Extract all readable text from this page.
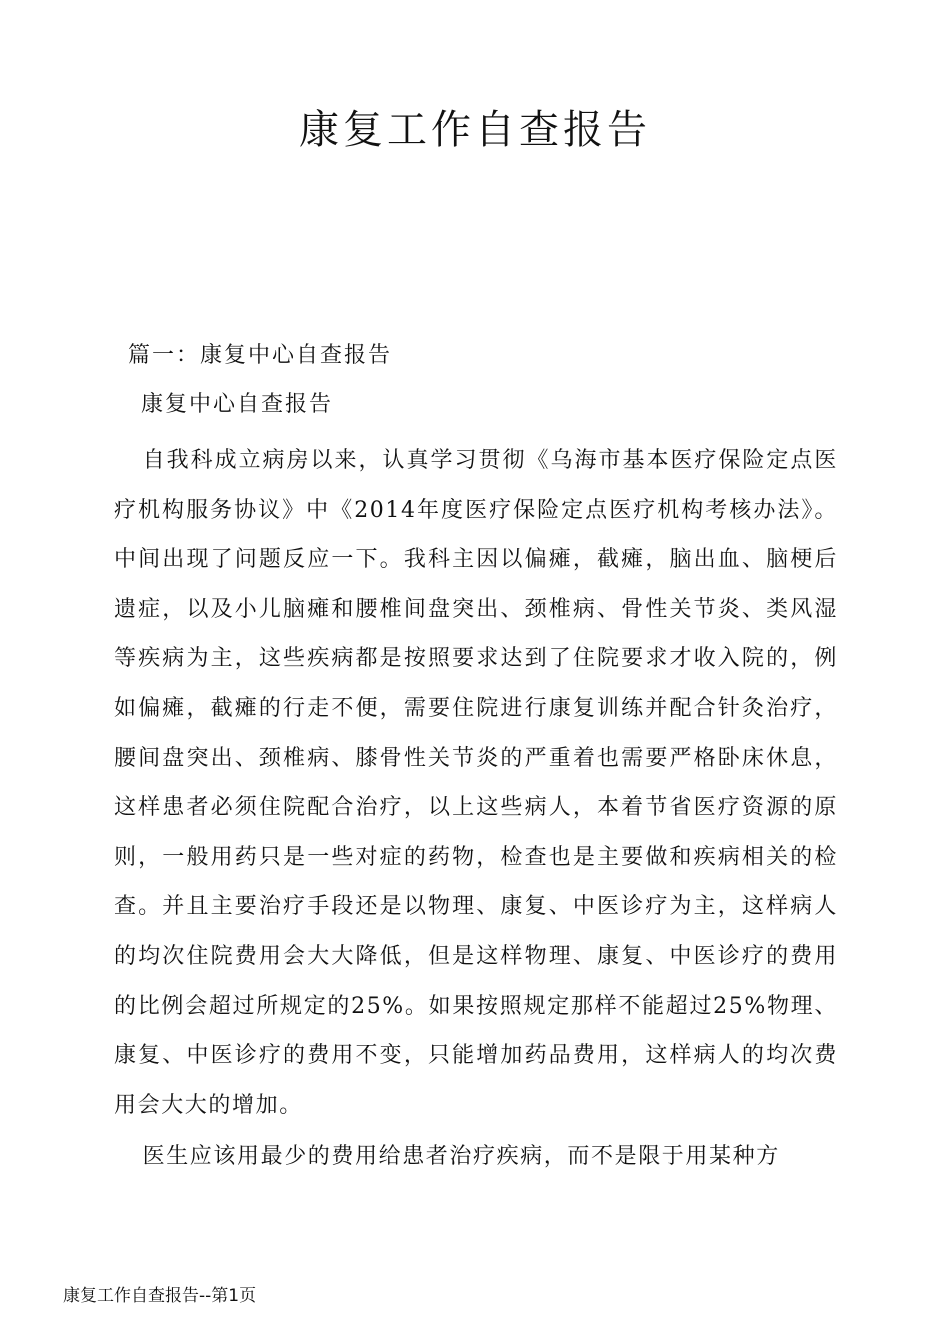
康复工作自查报告
篇一：康复中心自查报告
康复中心自查报告

自我科成立病房以来，认真学习贯彻《乌海市基本医疗保险定点医疗机构服务协议》中《2014年度医疗保险定点医疗机构考核办法》。中间出现了问题反应一下。我科主因以偏瘫，截瘫，脑出血、脑梗后遗症，以及小儿脑瘫和腰椎间盘突出、颈椎病、骨性关节炎、类风湿等疾病为主，这些疾病都是按照要求达到了住院要求才收入院的，例如偏瘫，截瘫的行走不便，需要住院进行康复训练并配合针灸治疗，腰间盘突出、颈椎病、膝骨性关节炎的严重着也需要严格卧床休息，这样患者必须住院配合治疗，以上这些病人，本着节省医疗资源的原则，一般用药只是一些对症的药物，检查也是主要做和疾病相关的检查。并且主要治疗手段还是以物理、康复、中医诊疗为主，这样病人的均次住院费用会大大降低，但是这样物理、康复、中医诊疗的费用的比例会超过所规定的25%。如果按照规定那样不能超过25%物理、康复、中医诊疗的费用不变，只能增加药品费用，这样病人的均次费用会大大的增加。

医生应该用最少的费用给患者治疗疾病，而不是限于用某种方

康复工作自查报告--第1页
